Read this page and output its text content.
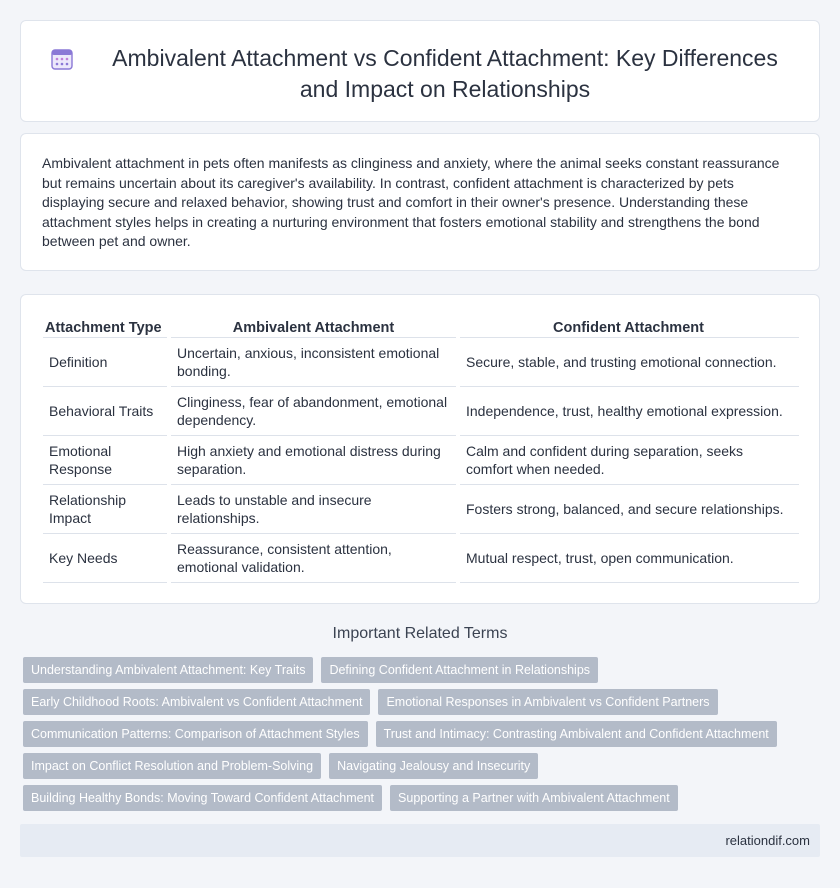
Ambivalent Attachment vs Confident Attachment: Key Differences and Impact on Relationships

Ambivalent attachment in pets often manifests as clinginess and anxiety, where the animal seeks constant reassurance but remains uncertain about its caregiver's availability. In contrast, confident attachment is characterized by pets displaying secure and relaxed behavior, showing trust and comfort in their owner's presence. Understanding these attachment styles helps in creating a nurturing environment that fosters emotional stability and strengthens the bond between pet and owner.

Attachment Type	Ambivalent Attachment	Confident Attachment
Definition	Uncertain, anxious, inconsistent emotional bonding.	Secure, stable, and trusting emotional connection.
Behavioral Traits	Clinginess, fear of abandonment, emotional dependency.	Independence, trust, healthy emotional expression.
Emotional Response	High anxiety and emotional distress during separation.	Calm and confident during separation, seeks comfort when needed.
Relationship Impact	Leads to unstable and insecure relationships.	Fosters strong, balanced, and secure relationships.
Key Needs	Reassurance, consistent attention, emotional validation.	Mutual respect, trust, open communication.
Important Related Terms
Understanding Ambivalent Attachment: Key Traits	Defining Confident Attachment in Relationships
Early Childhood Roots: Ambivalent vs Confident Attachment	Emotional Responses in Ambivalent vs Confident Partners
Communication Patterns: Comparison of Attachment Styles	Trust and Intimacy: Contrasting Ambivalent and Confident Attachment
Impact on Conflict Resolution and Problem-Solving	Navigating Jealousy and Insecurity
Building Healthy Bonds: Moving Toward Confident Attachment	Supporting a Partner with Ambivalent Attachment
relationdif.com
